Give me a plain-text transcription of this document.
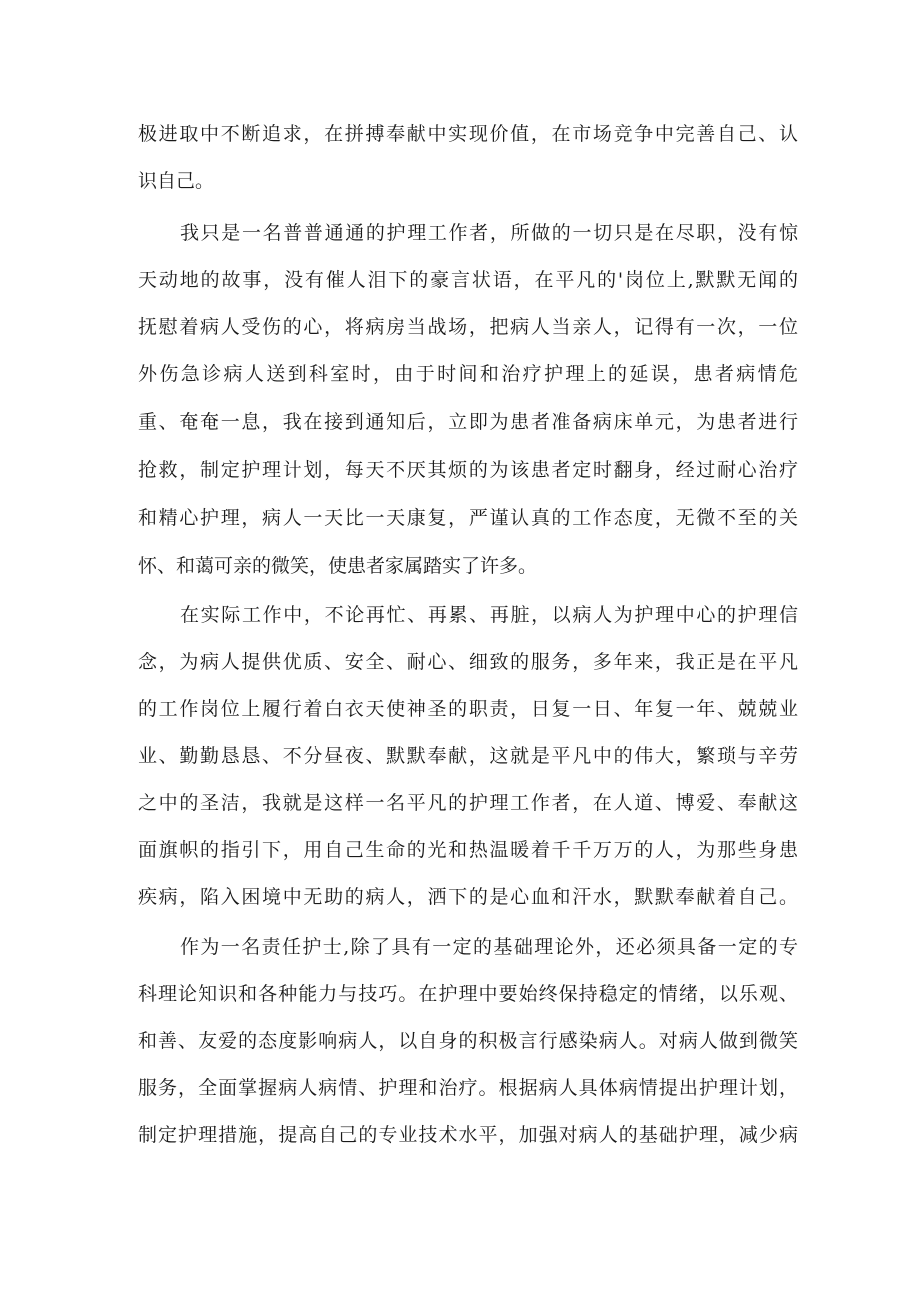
极进取中不断追求，在拼搏奉献中实现价值，在市场竞争中完善自己、认
识自己。
我只是一名普普通通的护理工作者，所做的一切只是在尽职，没有惊
天动地的故事，没有催人泪下的豪言状语，在平凡的'岗位上,默默无闻的
抚慰着病人受伤的心，将病房当战场，把病人当亲人，记得有一次，一位
外伤急诊病人送到科室时，由于时间和治疗护理上的延误，患者病情危
重、奄奄一息，我在接到通知后，立即为患者准备病床单元，为患者进行
抢救，制定护理计划，每天不厌其烦的为该患者定时翻身，经过耐心治疗
和精心护理，病人一天比一天康复，严谨认真的工作态度，无微不至的关
怀、和蔼可亲的微笑，使患者家属踏实了许多。
在实际工作中，不论再忙、再累、再脏，以病人为护理中心的护理信
念，为病人提供优质、安全、耐心、细致的服务，多年来，我正是在平凡
的工作岗位上履行着白衣天使神圣的职责，日复一日、年复一年、兢兢业
业、勤勤恳恳、不分昼夜、默默奉献，这就是平凡中的伟大，繁琐与辛劳
之中的圣洁，我就是这样一名平凡的护理工作者，在人道、博爱、奉献这
面旗帜的指引下，用自己生命的光和热温暖着千千万万的人，为那些身患
疾病，陷入困境中无助的病人，洒下的是心血和汗水，默默奉献着自己。
作为一名责任护士,除了具有一定的基础理论外，还必须具备一定的专
科理论知识和各种能力与技巧。在护理中要始终保持稳定的情绪，以乐观、
和善、友爱的态度影响病人，以自身的积极言行感染病人。对病人做到微笑
服务，全面掌握病人病情、护理和治疗。根据病人具体病情提出护理计划，
制定护理措施，提高自己的专业技术水平，加强对病人的基础护理，减少病
